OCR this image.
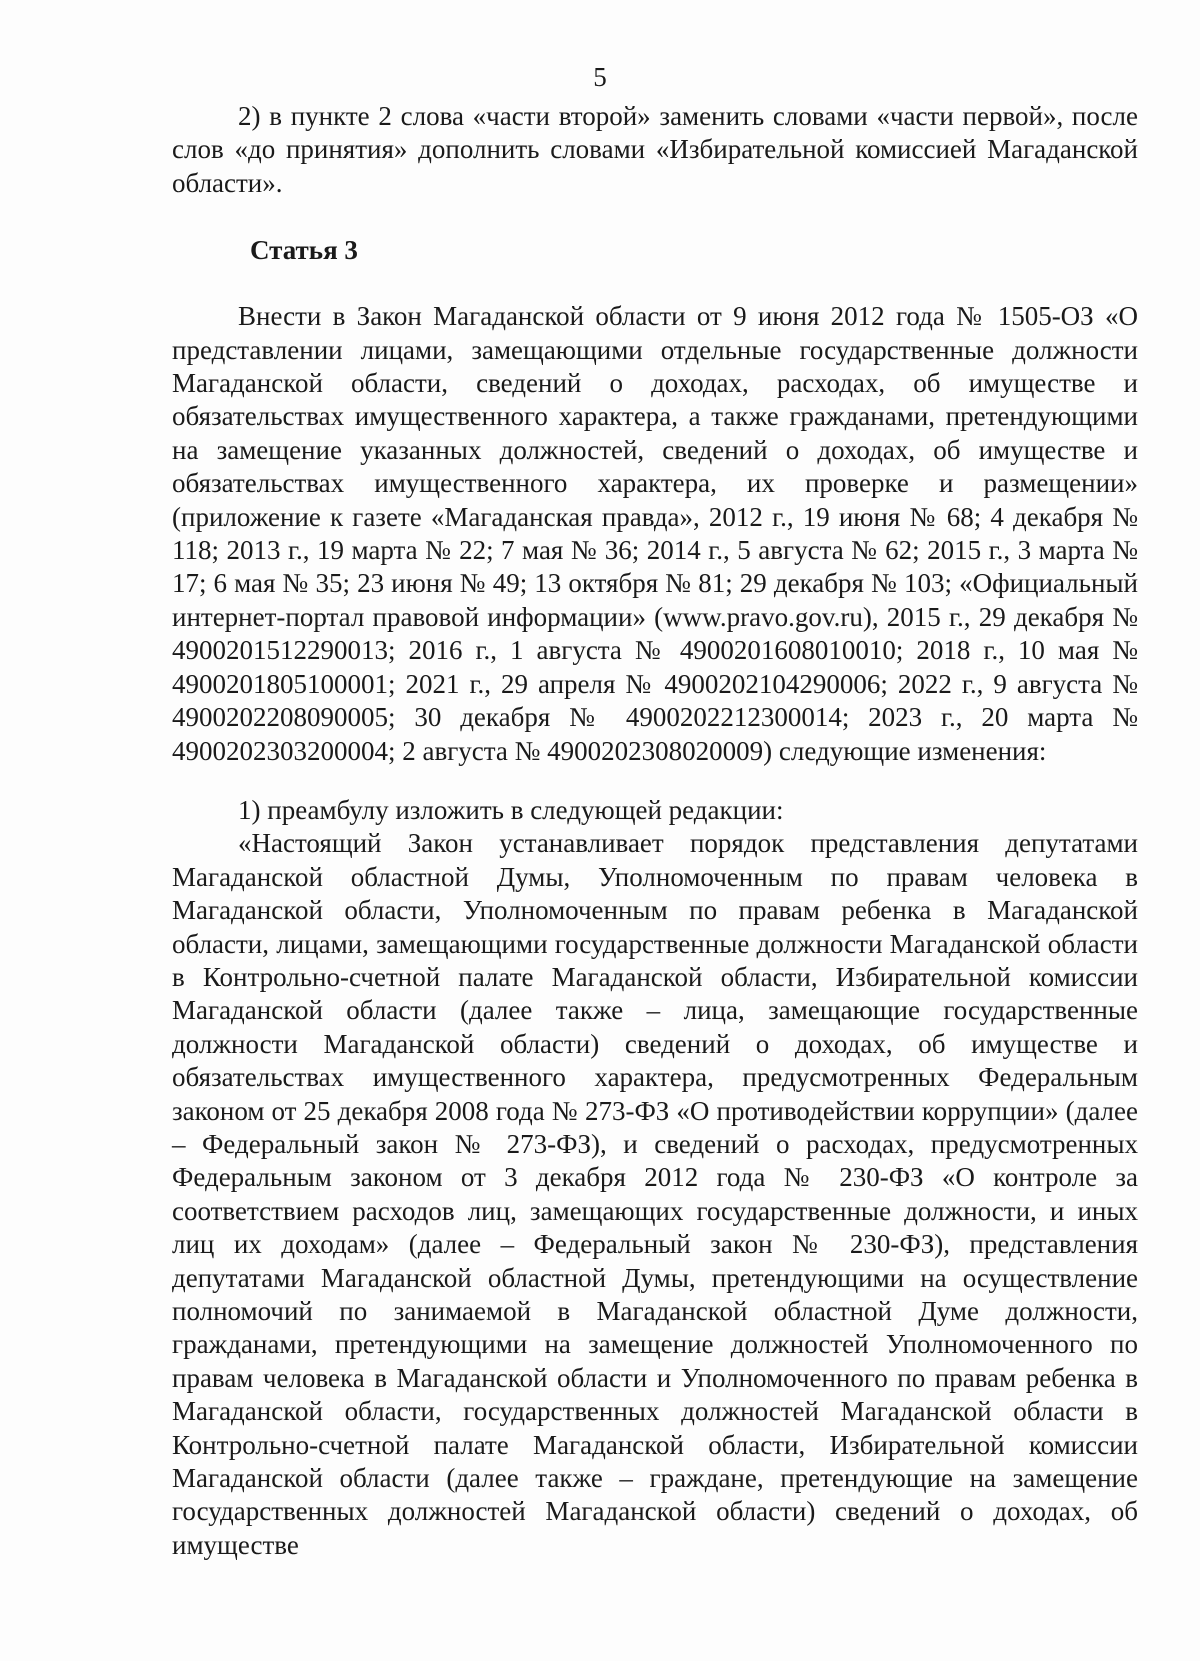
5

2) в пункте 2 слова «части второй» заменить словами «части первой», после слов «до принятия» дополнить словами «Избирательной комиссией Магаданской области».

Статья 3

Внести в Закон Магаданской области от 9 июня 2012 года № 1505-ОЗ «О представлении лицами, замещающими отдельные государственные должности Магаданской области, сведений о доходах, расходах, об имуществе и обязательствах имущественного характера, а также гражданами, претендующими на замещение указанных должностей, сведений о доходах, об имуществе и обязательствах имущественного характера, их проверке и размещении» (приложение к газете «Магаданская правда», 2012 г., 19 июня № 68; 4 декабря № 118; 2013 г., 19 марта № 22; 7 мая № 36; 2014 г., 5 августа № 62; 2015 г., 3 марта № 17; 6 мая № 35; 23 июня № 49; 13 октября № 81; 29 декабря № 103; «Официальный интернет-портал правовой информации» (www.pravo.gov.ru), 2015 г., 29 декабря № 4900201512290013; 2016 г., 1 августа № 4900201608010010; 2018 г., 10 мая № 4900201805100001; 2021 г., 29 апреля № 4900202104290006; 2022 г., 9 августа № 4900202208090005; 30 декабря № 4900202212300014; 2023 г., 20 марта № 4900202303200004; 2 августа № 4900202308020009) следующие изменения:

1) преамбулу изложить в следующей редакции:

«Настоящий Закон устанавливает порядок представления депутатами Магаданской областной Думы, Уполномоченным по правам человека в Магаданской области, Уполномоченным по правам ребенка в Магаданской области, лицами, замещающими государственные должности Магаданской области в Контрольно-счетной палате Магаданской области, Избирательной комиссии Магаданской области (далее также – лица, замещающие государственные должности Магаданской области) сведений о доходах, об имуществе и обязательствах имущественного характера, предусмотренных Федеральным законом от 25 декабря 2008 года № 273-ФЗ «О противодействии коррупции» (далее – Федеральный закон № 273-ФЗ), и сведений о расходах, предусмотренных Федеральным законом от 3 декабря 2012 года № 230-ФЗ «О контроле за соответствием расходов лиц, замещающих государственные должности, и иных лиц их доходам» (далее – Федеральный закон № 230-ФЗ), представления депутатами Магаданской областной Думы, претендующими на осуществление полномочий по занимаемой в Магаданской областной Думе должности, гражданами, претендующими на замещение должностей Уполномоченного по правам человека в Магаданской области и Уполномоченного по правам ребенка в Магаданской области, государственных должностей Магаданской области в Контрольно-счетной палате Магаданской области, Избирательной комиссии Магаданской области (далее также – граждане, претендующие на замещение государственных должностей Магаданской области) сведений о доходах, об имуществе
